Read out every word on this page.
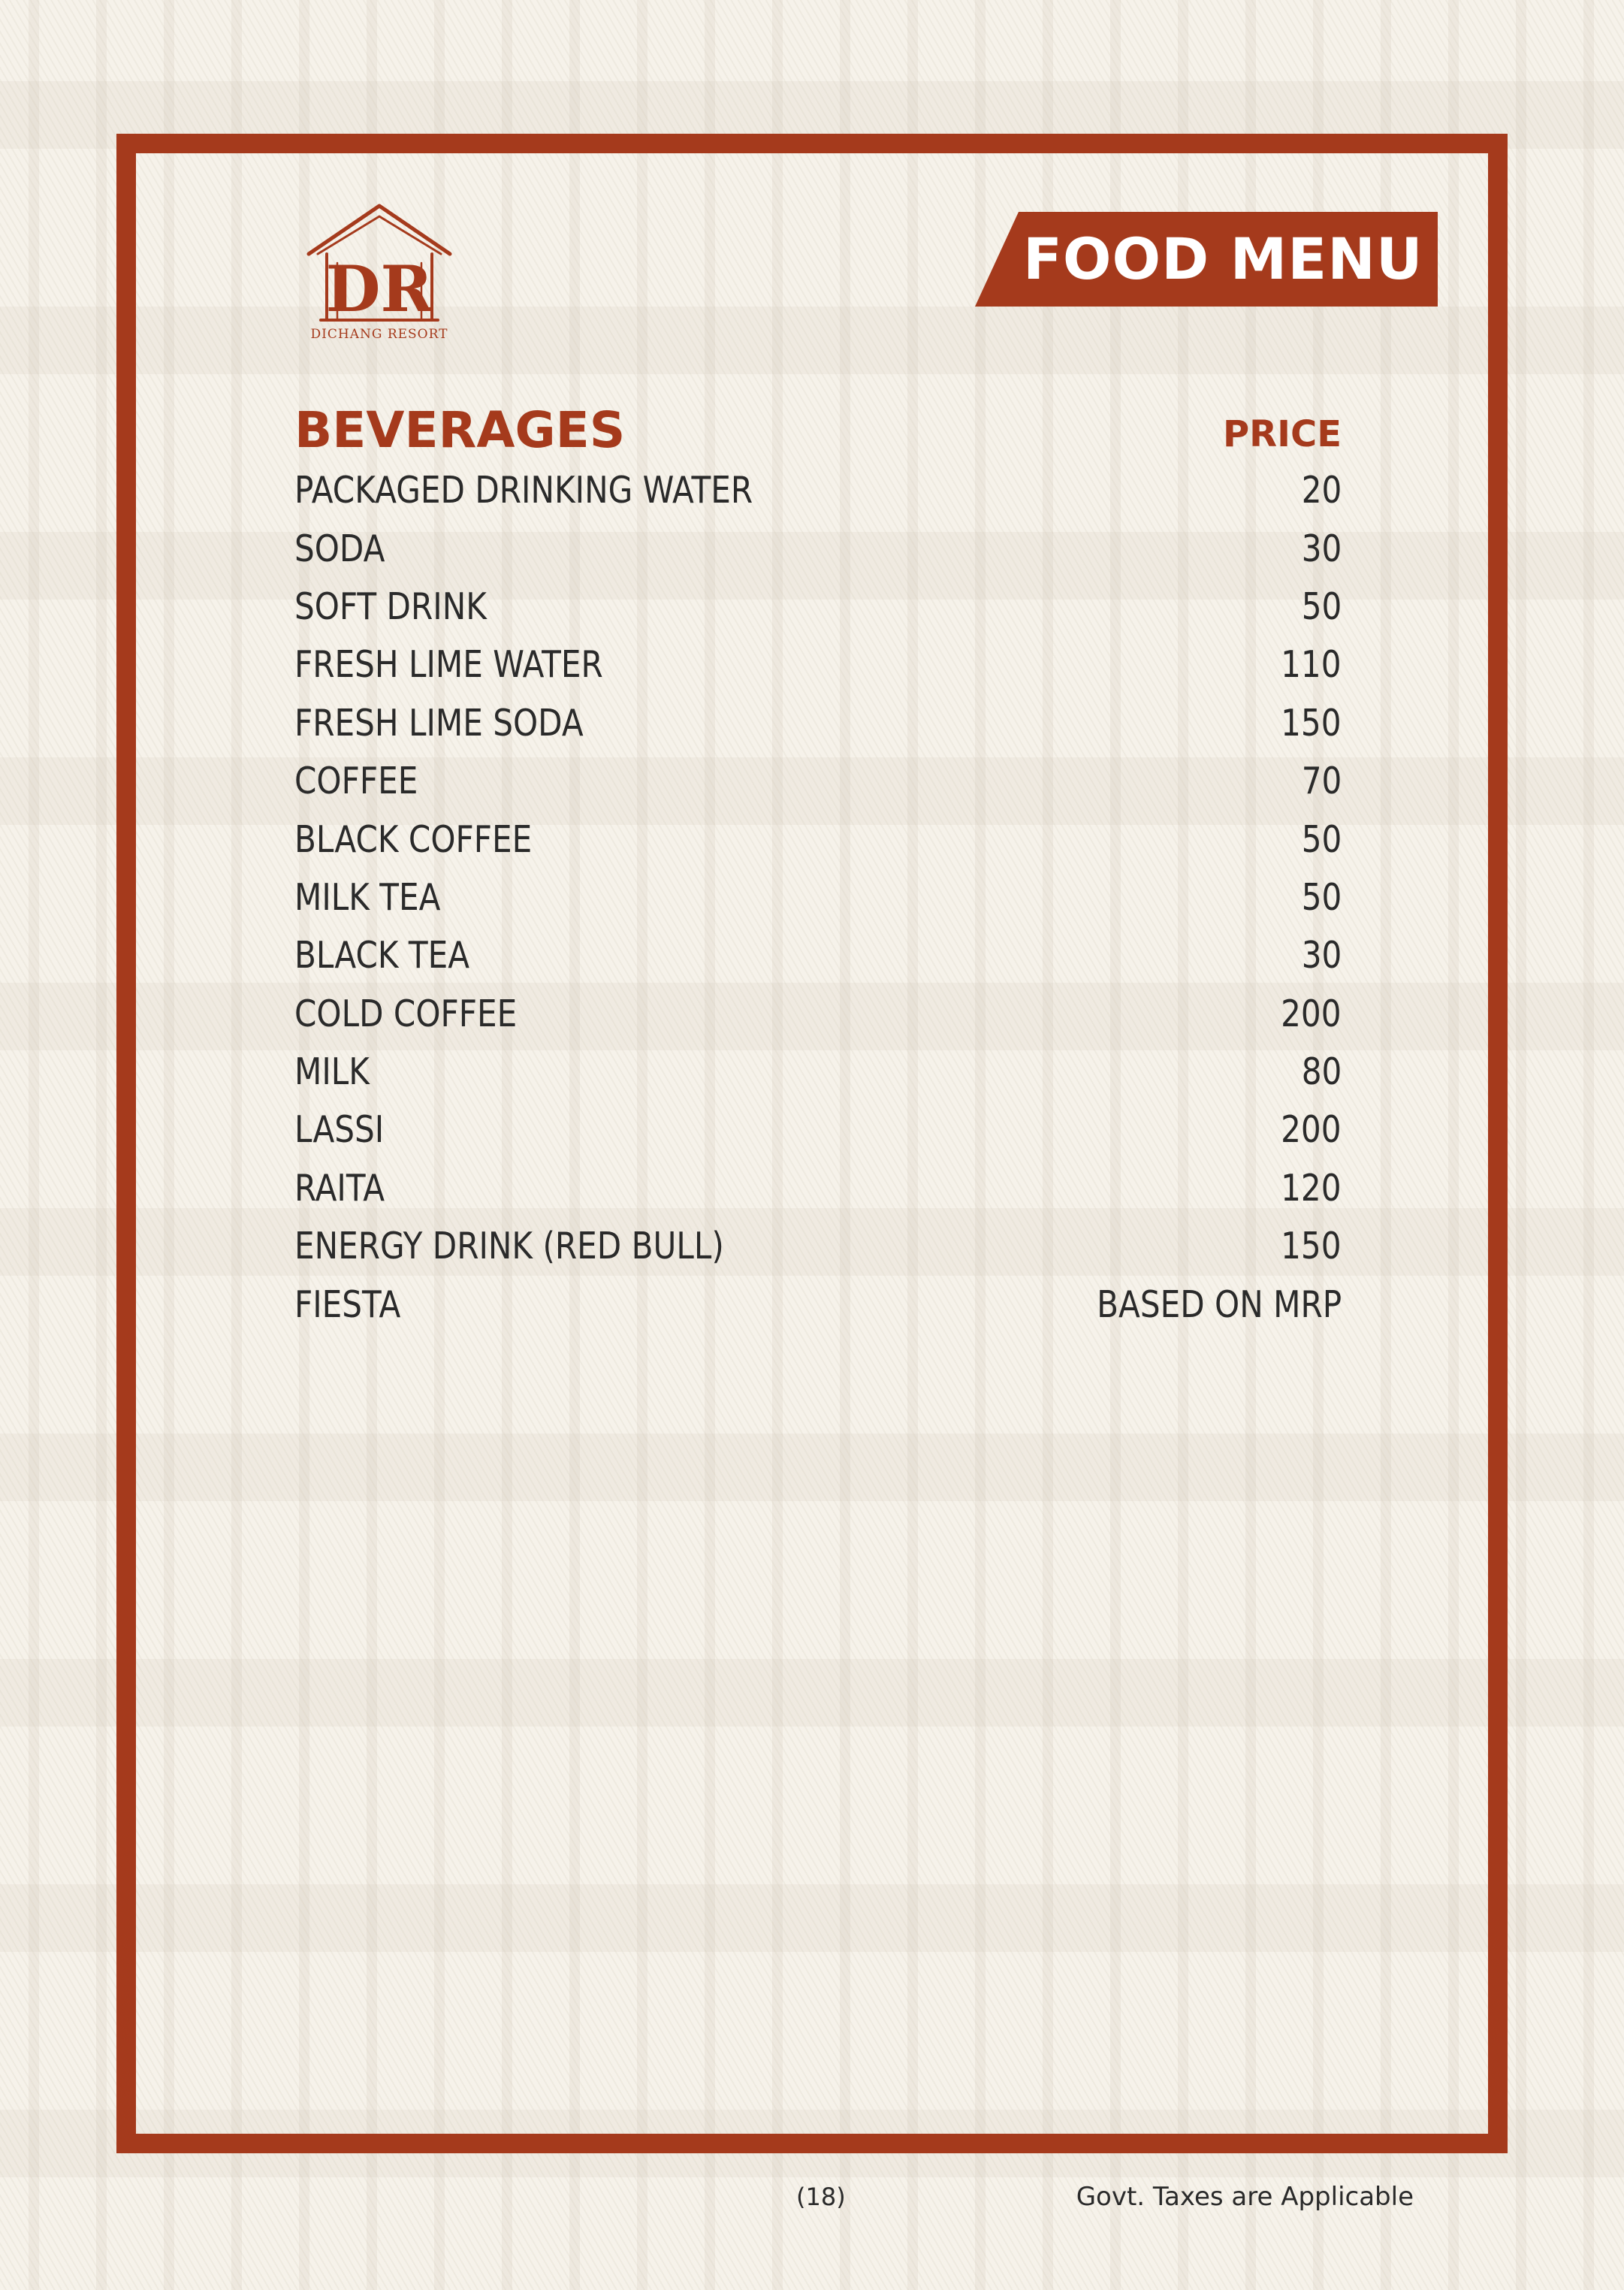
DR
DICHANG RESORT
FOOD MENU
BEVERAGES	PRICE
PACKAGED DRINKING WATER	20
SODA	30
SOFT DRINK	50
FRESH LIME WATER	110
FRESH LIME SODA	150
COFFEE	70
BLACK COFFEE	50
MILK TEA	50
BLACK TEA	30
COLD COFFEE	200
MILK	80
LASSI	200
RAITA	120
ENERGY DRINK (RED BULL)	150
FIESTA	BASED ON MRP
(18)	Govt. Taxes are Applicable
